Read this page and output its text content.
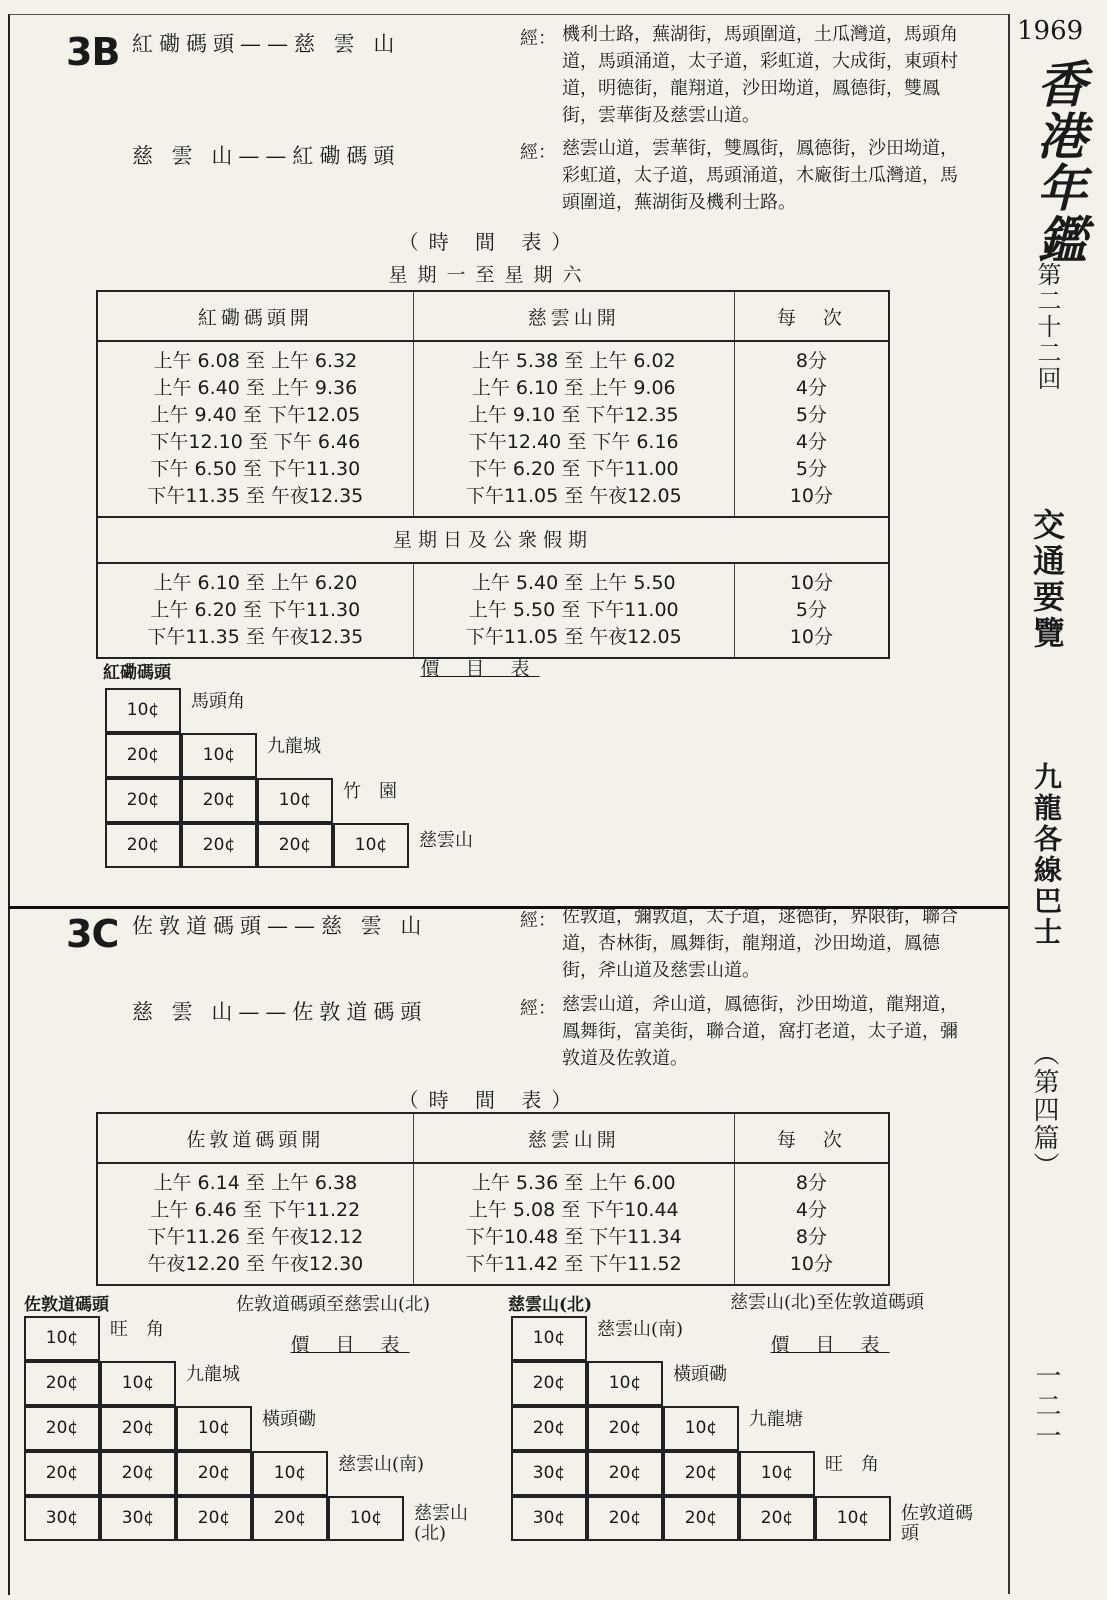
1969
香港年鑑
第二十二回
交通要覽
九龍各線巴士
（第四篇）
一二一
3B 紅磡碼頭——慈 雲 山	經： 機利士路，蕪湖街，馬頭圍道，土瓜灣道，馬頭角道，馬頭涌道，太子道，彩虹道，大成街，東頭村道，明德街，龍翔道，沙田坳道，鳳德街，雙鳳街，雲華街及慈雲山道。
慈 雲 山——紅磡碼頭	經： 慈雲山道，雲華街，雙鳳街，鳳德街，沙田坳道，彩虹道，太子道，馬頭涌道，木廠街土瓜灣道，馬頭圍道，蕪湖街及機利士路。
（時 間 表）
星期一至星期六
紅磡碼頭開	慈雲山開	每　次
上午 6.08 至 上午 6.32	上午 5.38 至 上午 6.02	8分
上午 6.40 至 上午 9.36	上午 6.10 至 上午 9.06	4分
上午 9.40 至 下午12.05	上午 9.10 至 下午12.35	5分
下午12.10 至 下午 6.46	下午12.40 至 下午 6.16	4分
下午 6.50 至 下午11.30	下午 6.20 至 下午11.00	5分
下午11.35 至 午夜12.35	下午11.05 至 午夜12.05	10分
星期日及公衆假期		
上午 6.10 至 上午 6.20	上午 5.40 至 上午 5.50	10分
上午 6.20 至 下午11.30	上午 5.50 至 下午11.00	5分
下午11.35 至 午夜12.35	下午11.05 至 午夜12.05	10分
紅磡碼頭	價 目 表
10¢	馬頭角
20¢	10¢	九龍城
20¢	20¢	10¢	竹　園
20¢	20¢	20¢	10¢	慈雲山
3C 佐敦道碼頭——慈 雲 山	經： 佐敦道，彌敦道，太子道，逑德街，界限街，聯合道，杏林街，鳳舞街，龍翔道，沙田坳道，鳳德街，斧山道及慈雲山道。
慈 雲 山——佐敦道碼頭	經： 慈雲山道，斧山道，鳳德街，沙田坳道，龍翔道，鳳舞街，富美街，聯合道，窩打老道，太子道，彌敦道及佐敦道。
（時 間 表）
佐敦道碼頭開	慈雲山開	每　次
上午 6.14 至 上午 6.38	上午 5.36 至 上午 6.00	8分
上午 6.46 至 下午11.22	上午 5.08 至 下午10.44	4分
下午11.26 至 午夜12.12	下午10.48 至 下午11.34	8分
午夜12.20 至 午夜12.30	下午11.42 至 下午11.52	10分
佐敦道碼頭	佐敦道碼頭至慈雲山(北)
價 目 表
10¢	旺　角
20¢	10¢	九龍城
20¢	20¢	10¢	橫頭磡
20¢	20¢	20¢	10¢	慈雲山(南)
30¢	30¢	20¢	20¢	10¢	慈雲山(北)
慈雲山(北)	慈雲山(北)至佐敦道碼頭
價 目 表
10¢	慈雲山(南)
20¢	10¢	橫頭磡
20¢	20¢	10¢	九龍塘
30¢	20¢	20¢	10¢	旺　角
30¢	20¢	20¢	20¢	10¢	佐敦道碼頭
